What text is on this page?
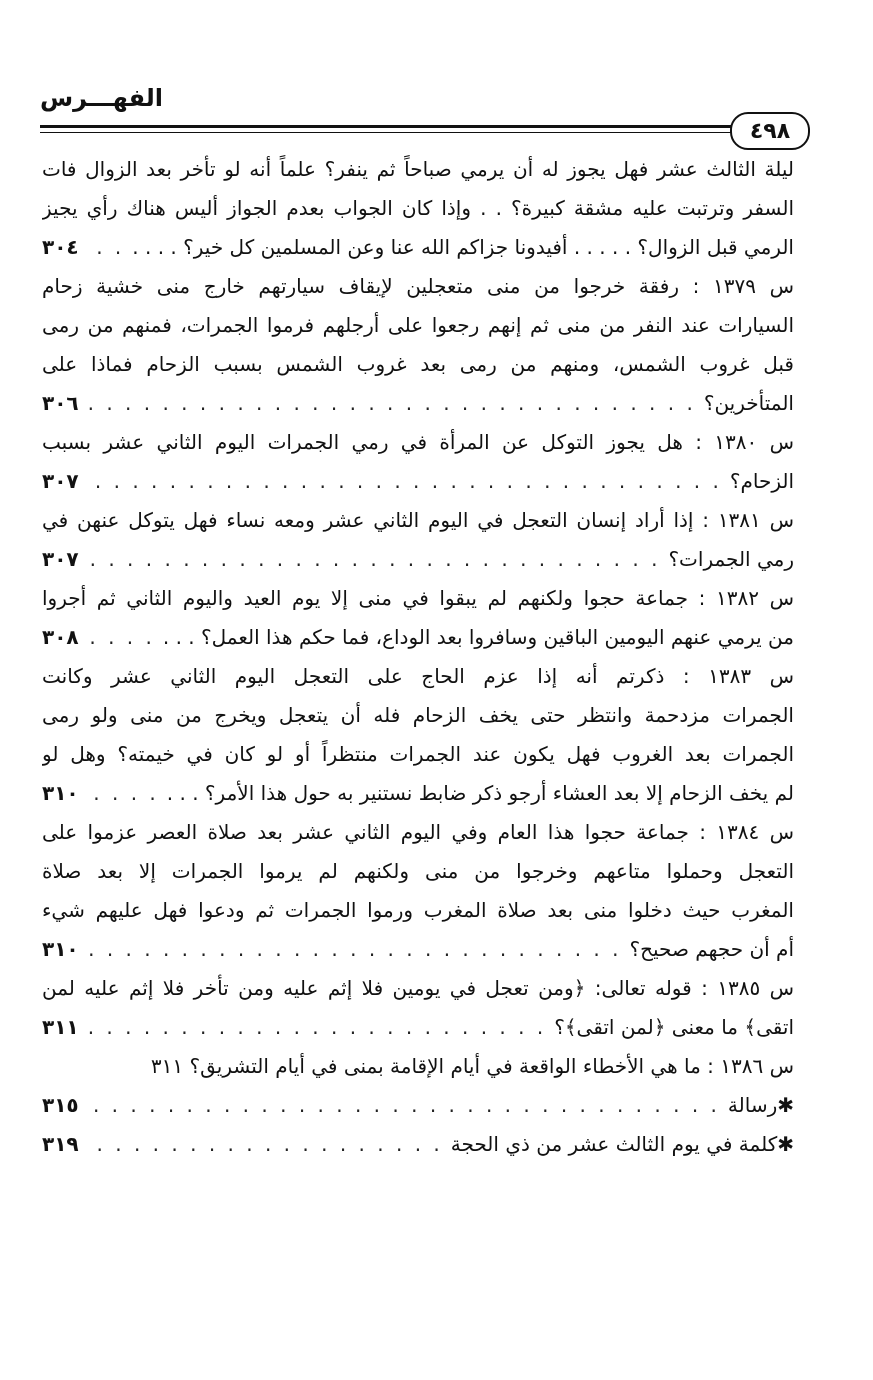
الفهـــرس
٤٩٨
ليلة الثالث عشر فهل يجوز له أن يرمي صباحاً ثم ينفر؟ علماً أنه لو تأخر بعد الزوال فات
السفر وترتبت عليه مشقة كبيرة؟ . . وإذا كان الجواب بعدم الجواز أليس هناك رأي يجيز
الرمي قبل الزوال؟ . . . . . أفيدونا جزاكم الله عنا وعن المسلمين كل خير؟ . . . .
. . .
٣٠٤
س ١٣٧٩ : رفقة خرجوا من منى متعجلين لإيقاف سيارتهم خارج منى خشية زحام
السيارات عند النفر من منى ثم إنهم رجعوا على أرجلهم فرموا الجمرات، فمنهم من رمى
قبل غروب الشمس، ومنهم من رمى بعد غروب الشمس بسبب الزحام فماذا على
المتأخرين؟
. . .
٣٠٦
س ١٣٨٠ : هل يجوز التوكل عن المرأة في رمي الجمرات اليوم الثاني عشر بسبب
الزحام؟
. . .
٣٠٧
س ١٣٨١ : إذا أراد إنسان التعجل في اليوم الثاني عشر ومعه نساء فهل يتوكل عنهن في
رمي الجمرات؟
. . .
٣٠٧
س ١٣٨٢ : جماعة حجوا ولكنهم لم يبقوا في منى إلا يوم العيد واليوم الثاني ثم أجروا
من يرمي عنهم اليومين الباقين وسافروا بعد الوداع، فما حكم هذا العمل؟ . . .
. . .
٣٠٨
س ١٣٨٣ : ذكرتم أنه إذا عزم الحاج على التعجل اليوم الثاني عشر وكانت
الجمرات مزدحمة وانتظر حتى يخف الزحام فله أن يتعجل ويخرج من منى ولو رمى
الجمرات بعد الغروب فهل يكون عند الجمرات منتظراً أو لو كان في خيمته؟ وهل لو
لم يخف الزحام إلا بعد العشاء أرجو ذكر ضابط نستنير به حول هذا الأمر؟ . . .
. . .
٣١٠
س ١٣٨٤ : جماعة حجوا هذا العام وفي اليوم الثاني عشر بعد صلاة العصر عزموا على
التعجل وحملوا متاعهم وخرجوا من منى ولكنهم لم يرموا الجمرات إلا بعد صلاة
المغرب حيث دخلوا منى بعد صلاة المغرب ورموا الجمرات ثم ودعوا فهل عليهم شيء
أم أن حجهم صحيح؟
. . .
٣١٠
س ١٣٨٥ : قوله تعالى: ﴿ومن تعجل في يومين فلا إثم عليه ومن تأخر فلا إثم عليه لمن
اتقى﴾ ما معنى ﴿لمن اتقى﴾؟
. . .
٣١١
س ١٣٨٦ : ما هي الأخطاء الواقعة في أيام الإقامة بمنى في أيام التشريق؟ ٣١١
✱
رسالة
. . .
٣١٥
✱
كلمة في يوم الثالث عشر من ذي الحجة
. . .
٣١٩
